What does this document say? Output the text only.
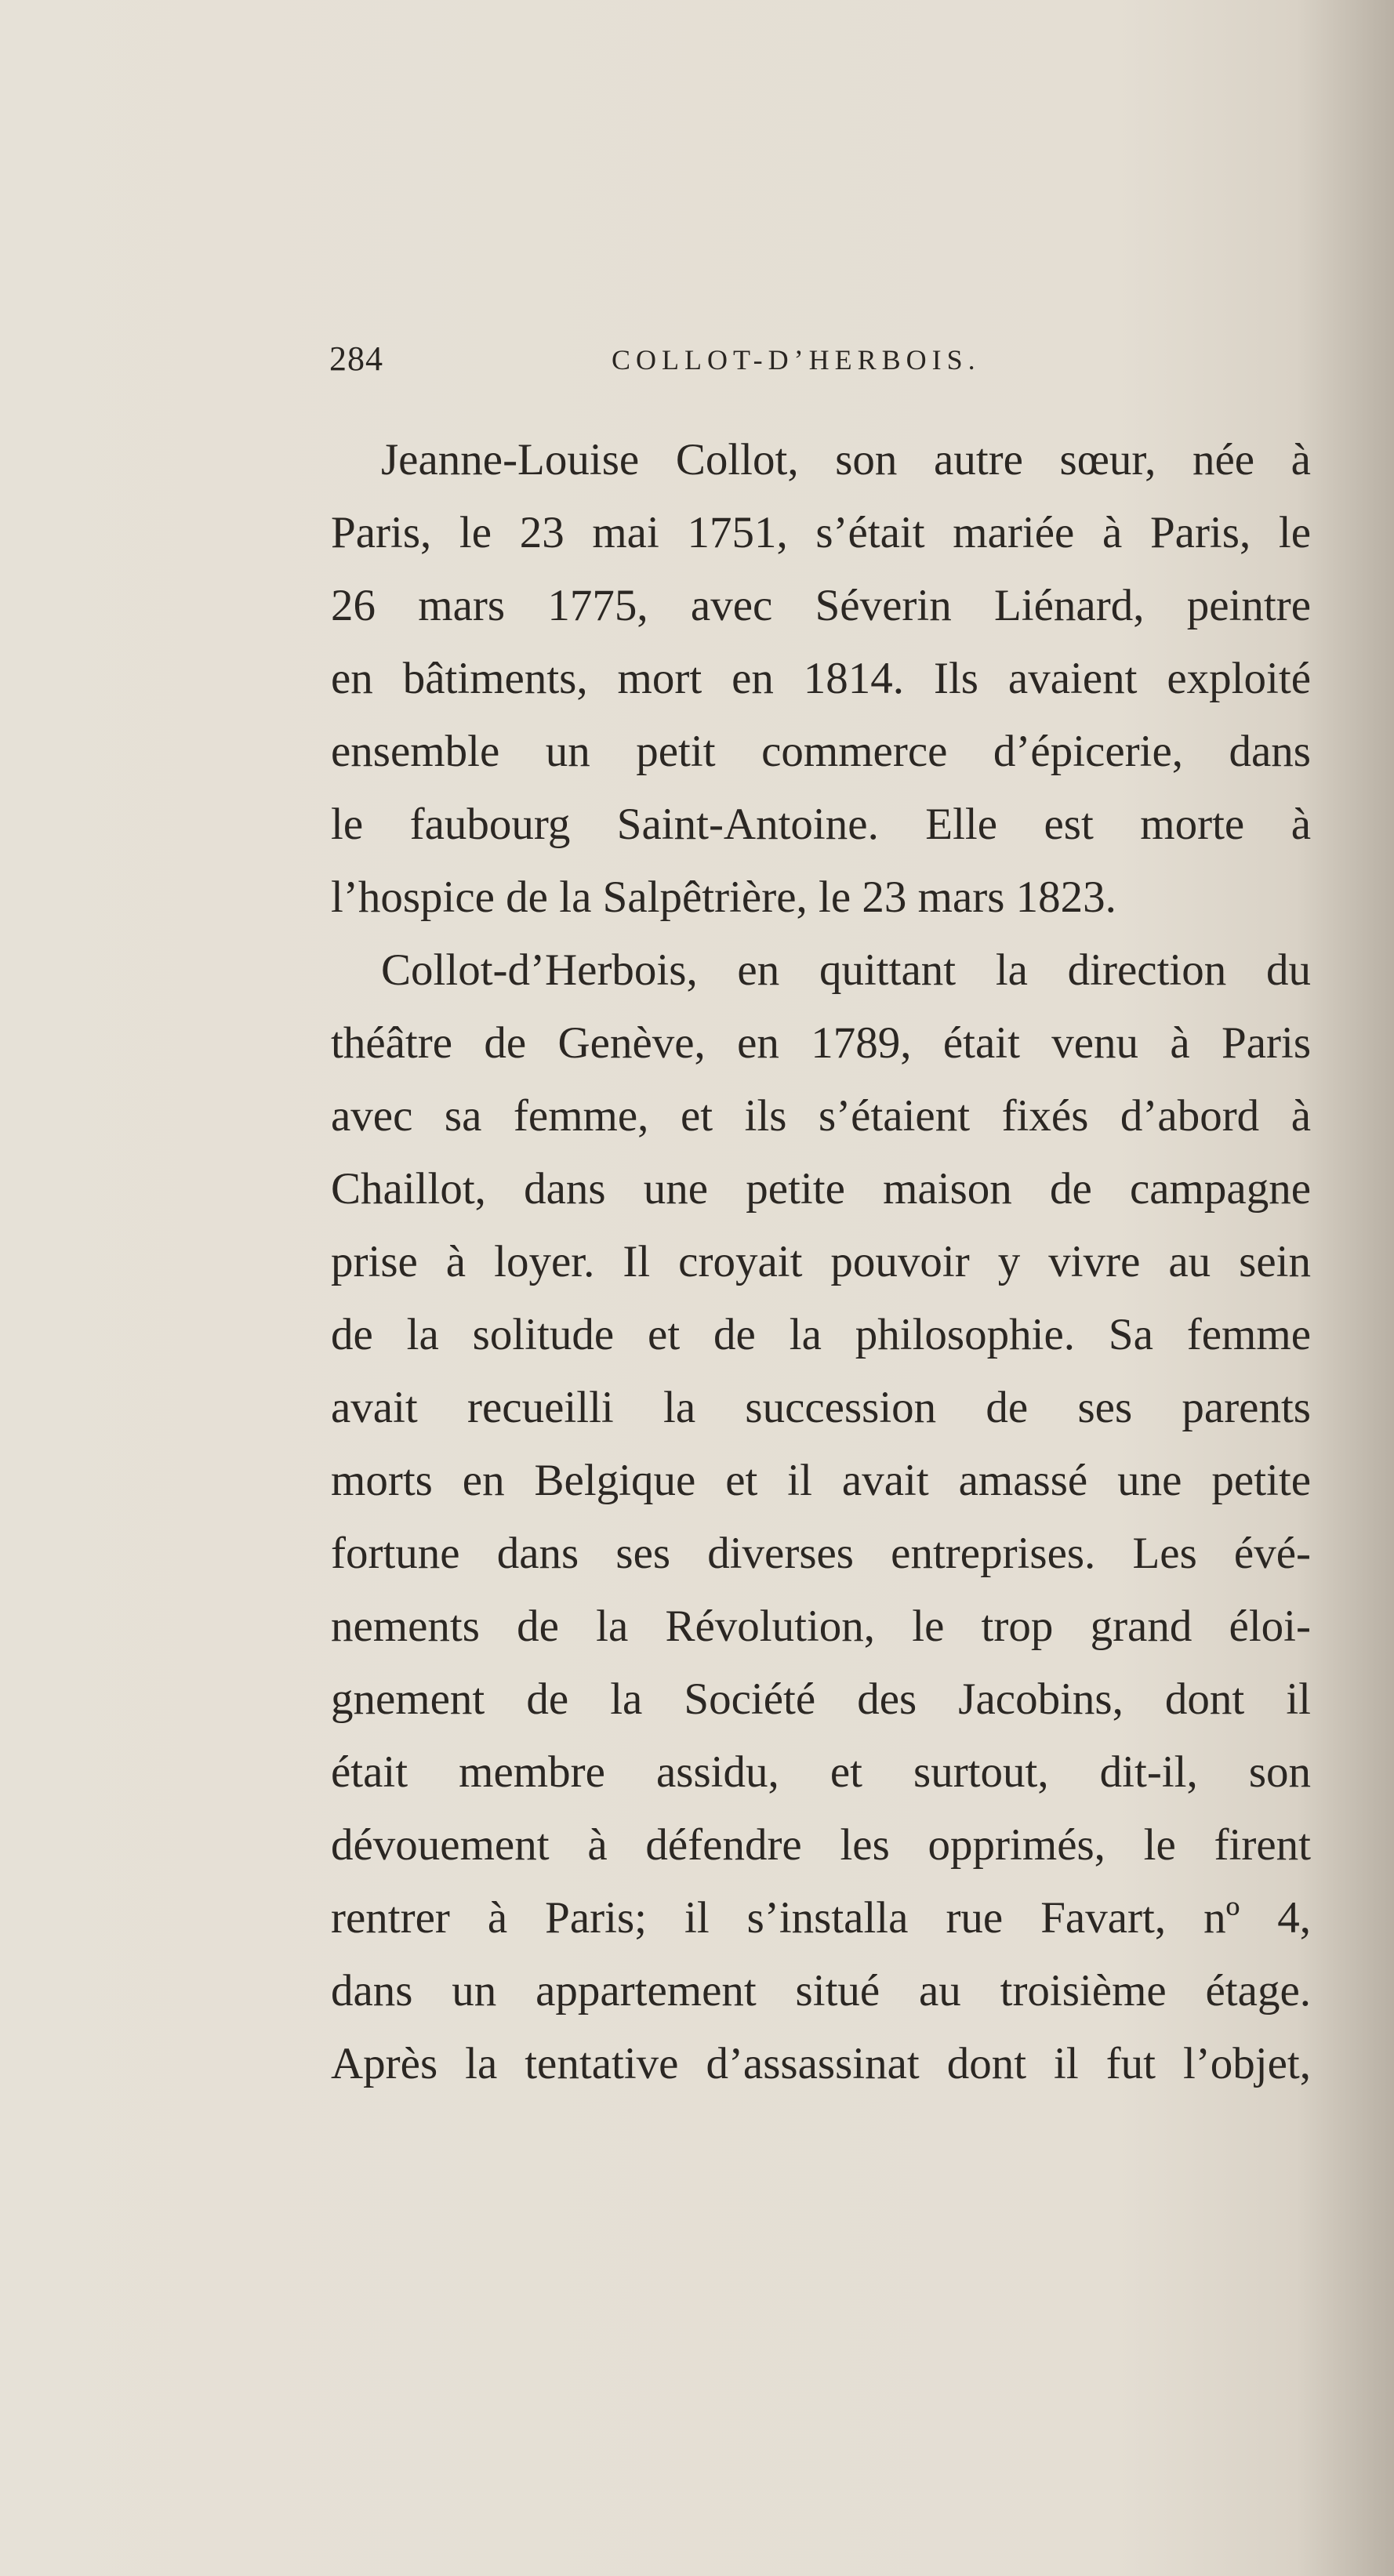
284	COLLOT-D’HERBOIS.
Jeanne-Louise Collot, son autre sœur, née à
Paris, le 23 mai 1751, s’était mariée à Paris, le
26 mars 1775, avec Séverin Liénard, peintre
en bâtiments, mort en 1814. Ils avaient exploité
ensemble un petit commerce d’épicerie, dans
le faubourg Saint-Antoine. Elle est morte à
l’hospice de la Salpêtrière, le 23 mars 1823.
Collot-d’Herbois, en quittant la direction du
théâtre de Genève, en 1789, était venu à Paris
avec sa femme, et ils s’étaient fixés d’abord à
Chaillot, dans une petite maison de campagne
prise à loyer. Il croyait pouvoir y vivre au sein
de la solitude et de la philosophie. Sa femme
avait recueilli la succession de ses parents
morts en Belgique et il avait amassé une petite
fortune dans ses diverses entreprises. Les évé-
nements de la Révolution, le trop grand éloi-
gnement de la Société des Jacobins, dont il
était membre assidu, et surtout, dit-il, son
dévouement à défendre les opprimés, le firent
rentrer à Paris; il s’installa rue Favart, nº 4,
dans un appartement situé au troisième étage.
Après la tentative d’assassinat dont il fut l’objet,
